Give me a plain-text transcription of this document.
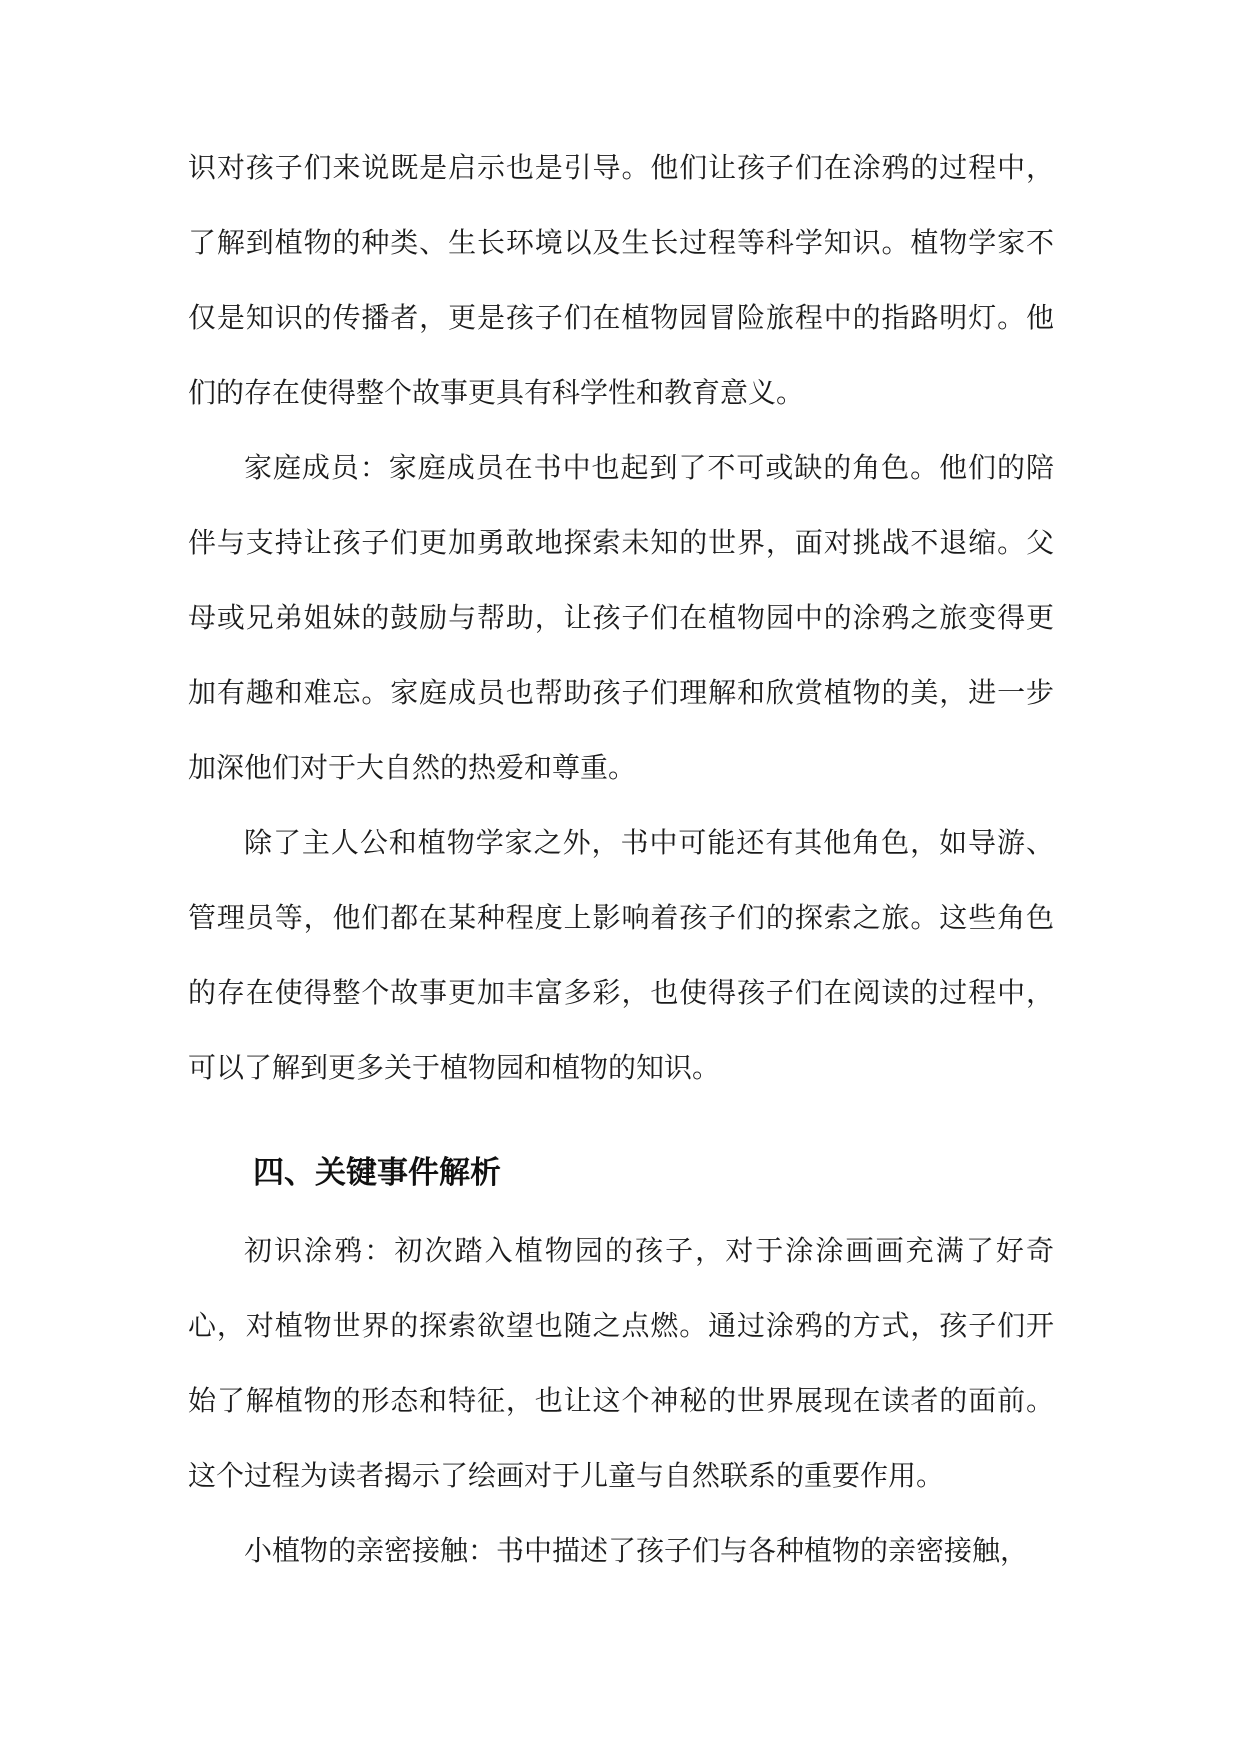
识对孩子们来说既是启示也是引导。他们让孩子们在涂鸦的过程中，了解到植物的种类、生长环境以及生长过程等科学知识。植物学家不仅是知识的传播者，更是孩子们在植物园冒险旅程中的指路明灯。他们的存在使得整个故事更具有科学性和教育意义。

家庭成员：家庭成员在书中也起到了不可或缺的角色。他们的陪伴与支持让孩子们更加勇敢地探索未知的世界，面对挑战不退缩。父母或兄弟姐妹的鼓励与帮助，让孩子们在植物园中的涂鸦之旅变得更加有趣和难忘。家庭成员也帮助孩子们理解和欣赏植物的美，进一步加深他们对于大自然的热爱和尊重。

除了主人公和植物学家之外，书中可能还有其他角色，如导游、管理员等，他们都在某种程度上影响着孩子们的探索之旅。这些角色的存在使得整个故事更加丰富多彩，也使得孩子们在阅读的过程中，可以了解到更多关于植物园和植物的知识。

四、关键事件解析

初识涂鸦：初次踏入植物园的孩子，对于涂涂画画充满了好奇心，对植物世界的探索欲望也随之点燃。通过涂鸦的方式，孩子们开始了解植物的形态和特征，也让这个神秘的世界展现在读者的面前。这个过程为读者揭示了绘画对于儿童与自然联系的重要作用。

小植物的亲密接触：书中描述了孩子们与各种植物的亲密接触，
